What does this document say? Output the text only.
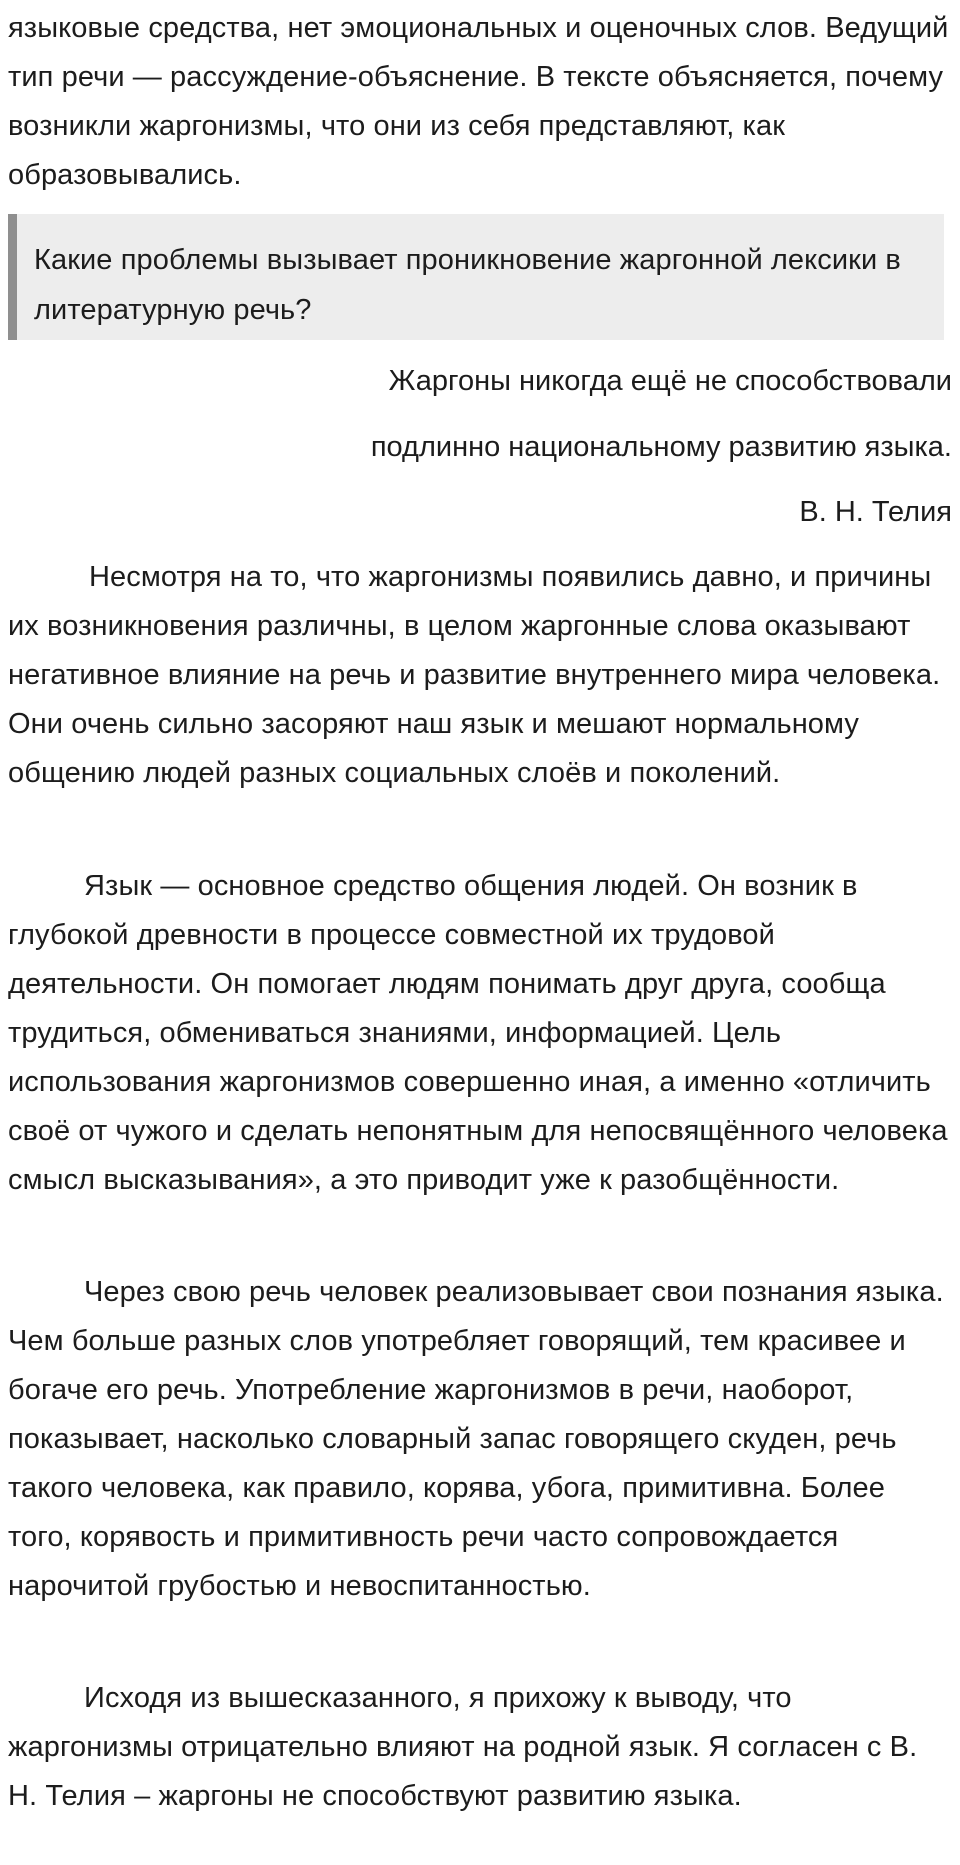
языковые средства, нет эмоциональных и оценочных слов. Ведущий тип речи — рассуждение-объяснение. В тексте объясняется, почему возникли жаргонизмы, что они из себя представляют, как образовывались.

Какие проблемы вызывает проникновение жаргонной лексики в литературную речь?

Жаргоны никогда ещё не способствовали
подлинно национальному развитию языка.
В. Н. Телия

Несмотря на то, что жаргонизмы появились давно, и причины их возникновения различны, в целом жаргонные слова оказывают негативное влияние на речь и развитие внутреннего мира человека. Они очень сильно засоряют наш язык и мешают нормальному общению людей разных социальных слоёв и поколений.

Язык — основное средство общения людей. Он возник в глубокой древности в процессе совместной их трудовой деятельности. Он помогает людям понимать друг друга, сообща трудиться, обмениваться знаниями, информацией. Цель использования жаргонизмов совершенно иная, а именно «отличить своё от чужого и сделать непонятным для непосвящённого человека смысл высказывания», а это приводит уже к разобщённости.

Через свою речь человек реализовывает свои познания языка. Чем больше разных слов употребляет говорящий, тем красивее и богаче его речь. Употребление жаргонизмов в речи, наоборот, показывает, насколько словарный запас говорящего скуден, речь такого человека, как правило, корява, убога, примитивна. Более того, корявость и примитивность речи часто сопровождается нарочитой грубостью и невоспитанностью.

Исходя из вышесказанного, я прихожу к выводу, что жаргонизмы отрицательно влияют на родной язык. Я согласен с В. Н. Телия – жаргоны не способствуют развитию языка.
